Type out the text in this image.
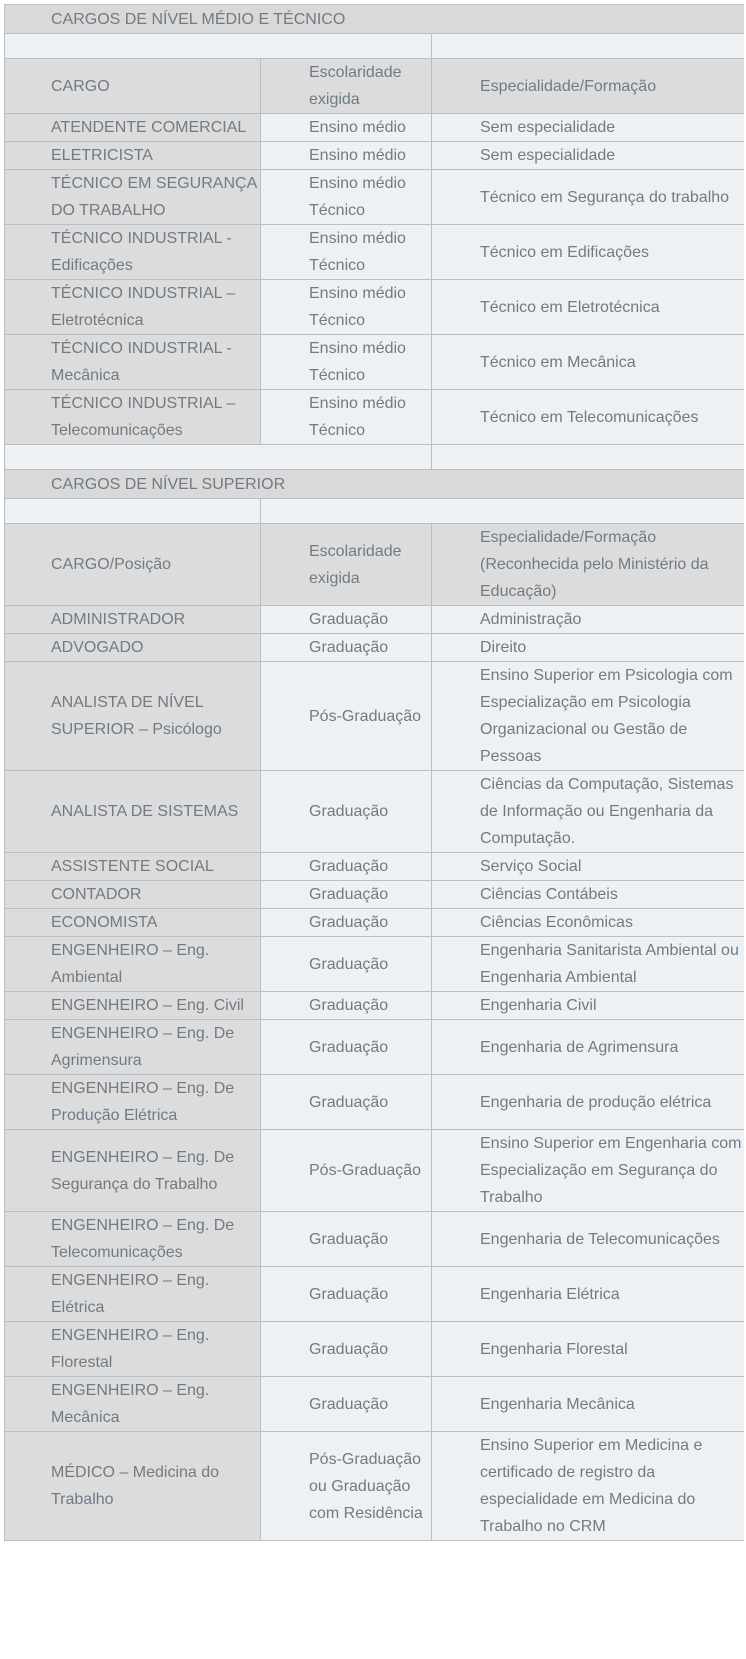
CARGOS DE NÍVEL MÉDIO E TÉCNICO		

CARGO	Escolaridade exigida	Especialidade/Formação
ATENDENTE COMERCIAL	Ensino médio	Sem especialidade
ELETRICISTA	Ensino médio	Sem especialidade
TÉCNICO EM SEGURANÇA DO TRABALHO	Ensino médio Técnico	Técnico em Segurança do trabalho
TÉCNICO INDUSTRIAL - Edificações	Ensino médio Técnico	Técnico em Edificações
TÉCNICO INDUSTRIAL – Eletrotécnica	Ensino médio Técnico	Técnico em Eletrotécnica
TÉCNICO INDUSTRIAL - Mecânica	Ensino médio Técnico	Técnico em Mecânica
TÉCNICO INDUSTRIAL – Telecomunicações	Ensino médio Técnico	Técnico em Telecomunicações

CARGOS DE NÍVEL SUPERIOR		

CARGO/Posição	Escolaridade exigida	Especialidade/Formação (Reconhecida pelo Ministério da Educação)
ADMINISTRADOR	Graduação	Administração
ADVOGADO	Graduação	Direito
ANALISTA DE NÍVEL SUPERIOR – Psicólogo	Pós-Graduação	Ensino Superior em Psicologia com Especialização em Psicologia Organizacional ou Gestão de Pessoas
ANALISTA DE SISTEMAS	Graduação	Ciências da Computação, Sistemas de Informação ou Engenharia da Computação.
ASSISTENTE SOCIAL	Graduação	Serviço Social
CONTADOR	Graduação	Ciências Contábeis
ECONOMISTA	Graduação	Ciências Econômicas
ENGENHEIRO – Eng. Ambiental	Graduação	Engenharia Sanitarista Ambiental ou Engenharia Ambiental
ENGENHEIRO – Eng. Civil	Graduação	Engenharia Civil
ENGENHEIRO – Eng. De Agrimensura	Graduação	Engenharia de Agrimensura
ENGENHEIRO – Eng. De Produção Elétrica	Graduação	Engenharia de produção elétrica
ENGENHEIRO – Eng. De Segurança do Trabalho	Pós-Graduação	Ensino Superior em Engenharia com Especialização em Segurança do Trabalho
ENGENHEIRO – Eng. De Telecomunicações	Graduação	Engenharia de Telecomunicações
ENGENHEIRO – Eng. Elétrica	Graduação	Engenharia Elétrica
ENGENHEIRO – Eng. Florestal	Graduação	Engenharia Florestal
ENGENHEIRO – Eng. Mecânica	Graduação	Engenharia Mecânica
MÉDICO – Medicina do Trabalho	Pós-Graduação ou Graduação com Residência	Ensino Superior em Medicina e certificado de registro da especialidade em Medicina do Trabalho no CRM
